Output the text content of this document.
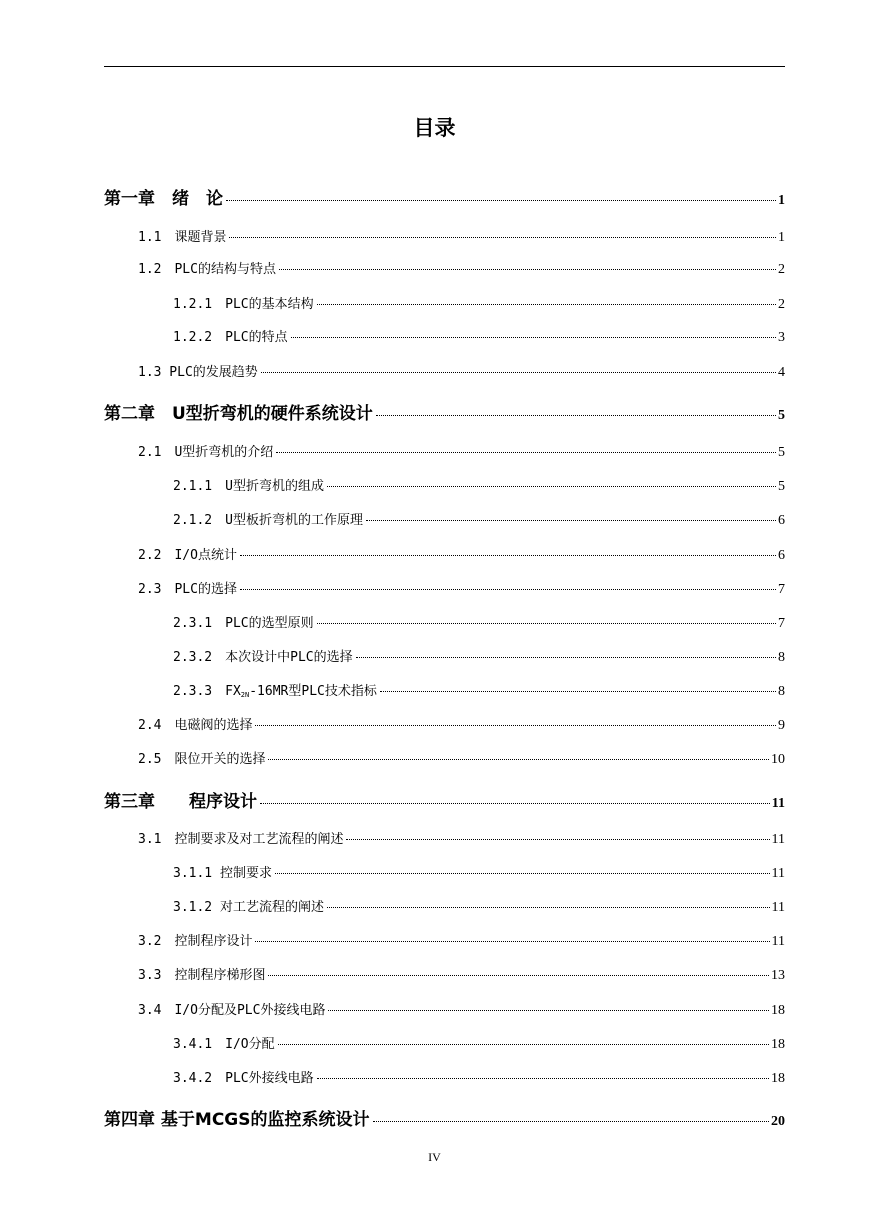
目录
第一章　绪　论	1
1.1　课题背景	1
1.2　PLC的结构与特点	2
1.2.1　PLC的基本结构	2
1.2.2　PLC的特点	3
1.3 PLC的发展趋势	4
第二章　U型折弯机的硬件系统设计	5
2.1　U型折弯机的介绍	5
2.1.1　U型折弯机的组成	5
2.1.2　U型板折弯机的工作原理	6
2.2　I/O点统计	6
2.3　PLC的选择	7
2.3.1　PLC的选型原则	7
2.3.2　本次设计中PLC的选择	8
2.3.3　$FX_{2N}-16MR$型PLC技术指标	8
2.4　电磁阀的选择	9
2.5　限位开关的选择	10
第三章　　程序设计	11
3.1　控制要求及对工艺流程的阐述	11
3.1.1 控制要求	11
3.1.2 对工艺流程的阐述	11
3.2　控制程序设计	11
3.3　控制程序梯形图	13
3.4　I/O分配及PLC外接线电路	18
3.4.1　I/O分配	18
3.4.2　PLC外接线电路	18
第四章 基于MCGS的监控系统设计	20
IV
